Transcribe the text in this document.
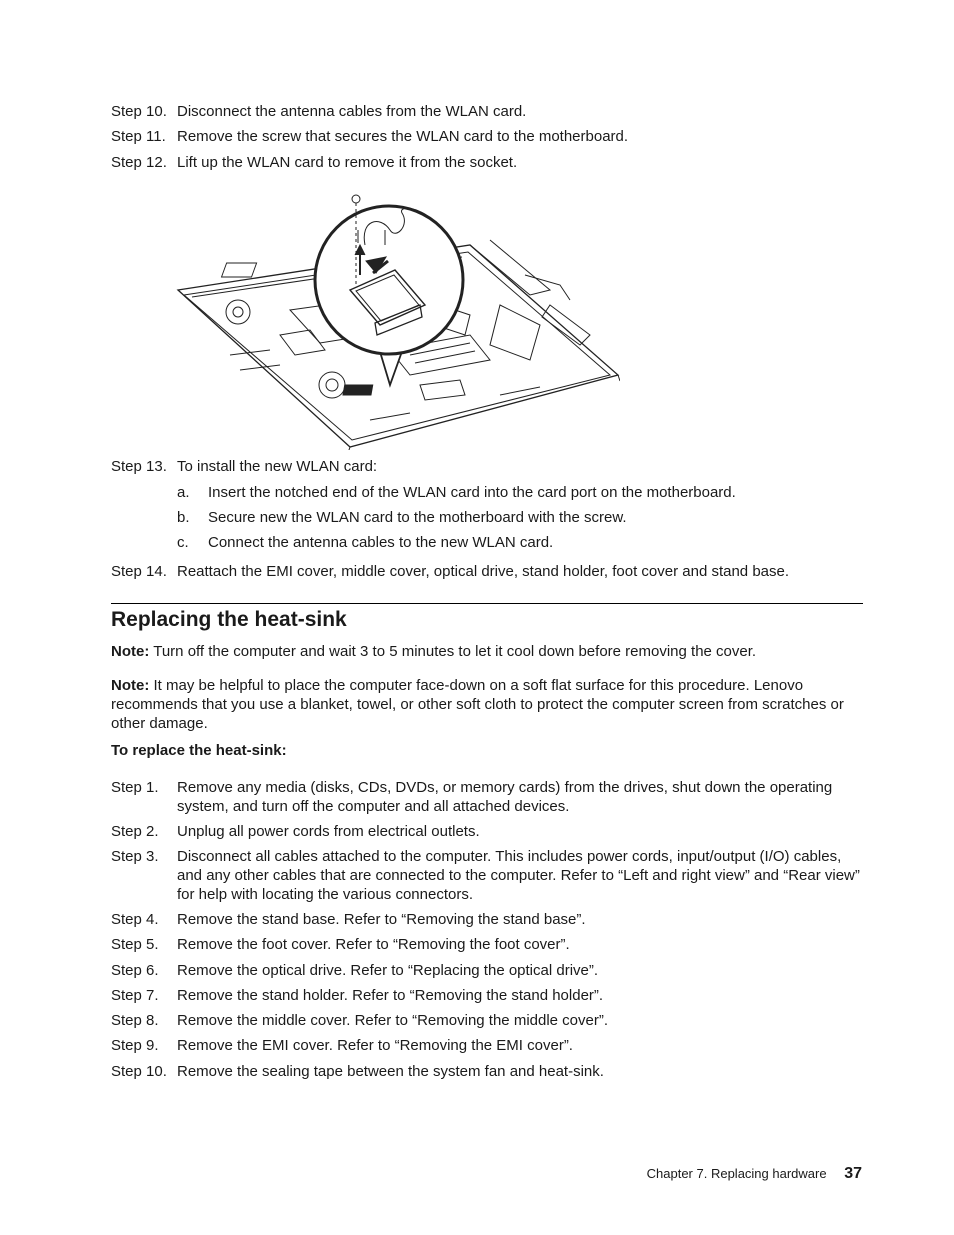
Step 10. Disconnect the antenna cables from the WLAN card.
Step 11. Remove the screw that secures the WLAN card to the motherboard.
Step 12. Lift up the WLAN card to remove it from the socket.
Step 13. To install the new WLAN card:
a. Insert the notched end of the WLAN card into the card port on the motherboard.
b. Secure new the WLAN card to the motherboard with the screw.
c. Connect the antenna cables to the new WLAN card.
Step 14. Reattach the EMI cover, middle cover, optical drive, stand holder, foot cover and stand base.
Replacing the heat-sink
Note: Turn off the computer and wait 3 to 5 minutes to let it cool down before removing the cover.
Note: It may be helpful to place the computer face-down on a soft flat surface for this procedure. Lenovo recommends that you use a blanket, towel, or other soft cloth to protect the computer screen from scratches or other damage.
To replace the heat-sink:
Step 1. Remove any media (disks, CDs, DVDs, or memory cards) from the drives, shut down the operating system, and turn off the computer and all attached devices.
Step 2. Unplug all power cords from electrical outlets.
Step 3. Disconnect all cables attached to the computer. This includes power cords, input/output (I/O) cables, and any other cables that are connected to the computer. Refer to “Left and right view” and “Rear view” for help with locating the various connectors.
Step 4. Remove the stand base. Refer to “Removing the stand base”.
Step 5. Remove the foot cover. Refer to “Removing the foot cover”.
Step 6. Remove the optical drive. Refer to “Replacing the optical drive”.
Step 7. Remove the stand holder. Refer to “Removing the stand holder”.
Step 8. Remove the middle cover. Refer to “Removing the middle cover”.
Step 9. Remove the EMI cover. Refer to “Removing the EMI cover”.
Step 10. Remove the sealing tape between the system fan and heat-sink.
Chapter 7. Replacing hardware 37
